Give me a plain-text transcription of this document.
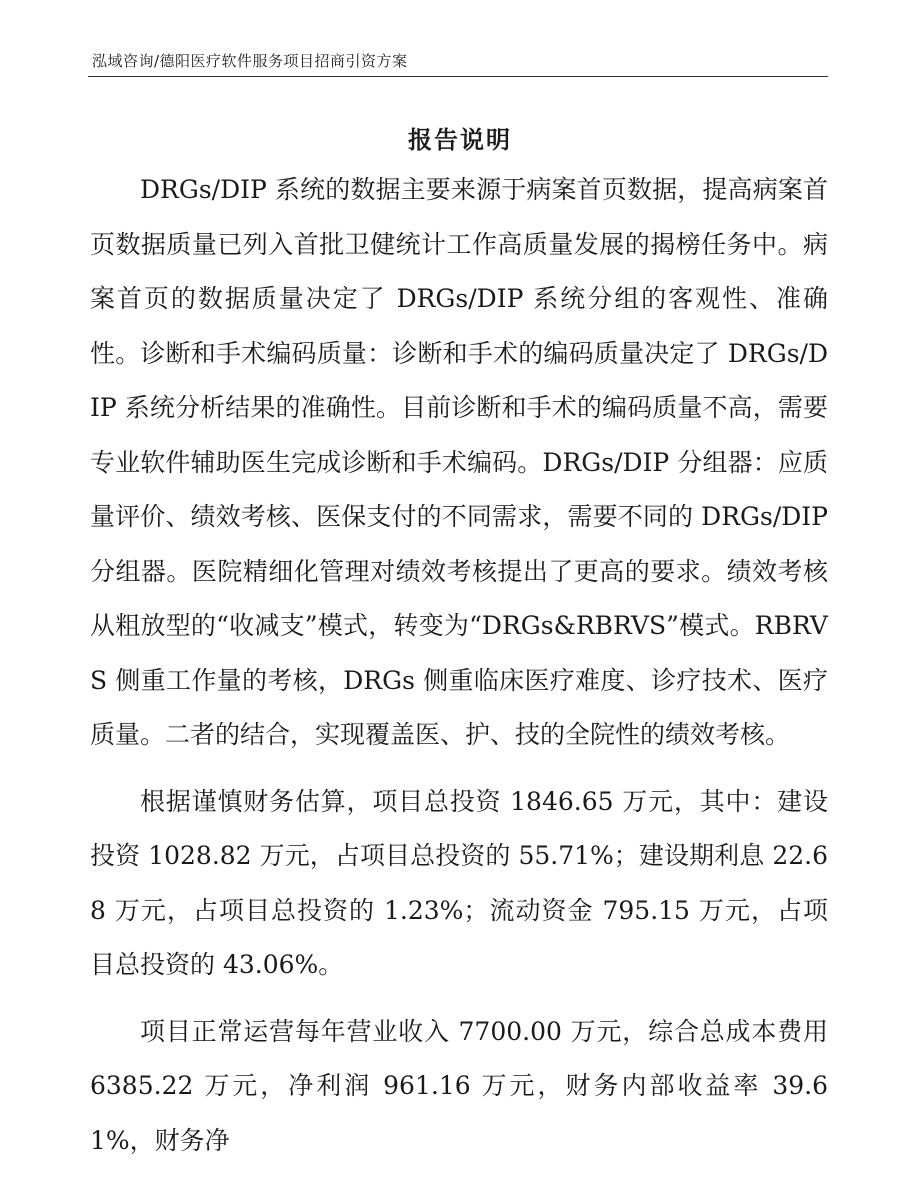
泓域咨询/德阳医疗软件服务项目招商引资方案
报告说明

DRGs/DIP 系统的数据主要来源于病案首页数据，提高病案首页数据质量已列入首批卫健统计工作高质量发展的揭榜任务中。病案首页的数据质量决定了 DRGs/DIP 系统分组的客观性、准确性。诊断和手术编码质量：诊断和手术的编码质量决定了 DRGs/DIP 系统分析结果的准确性。目前诊断和手术的编码质量不高，需要专业软件辅助医生完成诊断和手术编码。DRGs/DIP 分组器：应质量评价、绩效考核、医保支付的不同需求，需要不同的 DRGs/DIP 分组器。医院精细化管理对绩效考核提出了更高的要求。绩效考核从粗放型的“收减支”模式，转变为“DRGs&RBRVS”模式。RBRVS 侧重工作量的考核，DRGs 侧重临床医疗难度、诊疗技术、医疗质量。二者的结合，实现覆盖医、护、技的全院性的绩效考核。

根据谨慎财务估算，项目总投资 1846.65 万元，其中：建设投资 1028.82 万元，占项目总投资的 55.71%；建设期利息 22.68 万元，占项目总投资的 1.23%；流动资金 795.15 万元，占项目总投资的 43.06%。

项目正常运营每年营业收入 7700.00 万元，综合总成本费用 6385.22 万元，净利润 961.16 万元，财务内部收益率 39.61%，财务净
